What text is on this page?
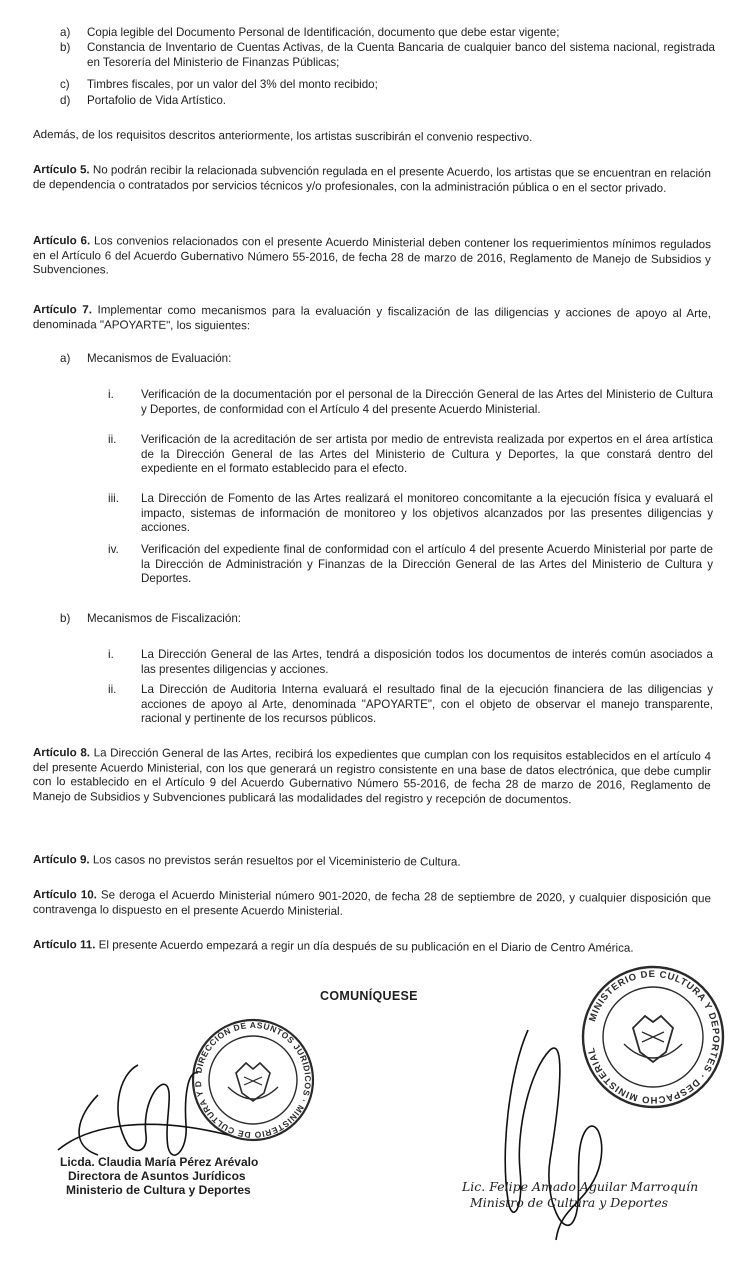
a) Copia legible del Documento Personal de Identificación, documento que debe estar vigente;
b) Constancia de Inventario de Cuentas Activas, de la Cuenta Bancaria de cualquier banco del sistema nacional, registrada en Tesorería del Ministerio de Finanzas Públicas;
c) Timbres fiscales, por un valor del 3% del monto recibido;
d) Portafolio de Vida Artístico.

Además, de los requisitos descritos anteriormente, los artistas suscribirán el convenio respectivo.

Artículo 5. No podrán recibir la relacionada subvención regulada en el presente Acuerdo, los artistas que se encuentran en relación de dependencia o contratados por servicios técnicos y/o profesionales, con la administración pública o en el sector privado.

Artículo 6. Los convenios relacionados con el presente Acuerdo Ministerial deben contener los requerimientos mínimos regulados en el Artículo 6 del Acuerdo Gubernativo Número 55-2016, de fecha 28 de marzo de 2016, Reglamento de Manejo de Subsidios y Subvenciones.

Artículo 7. Implementar como mecanismos para la evaluación y fiscalización de las diligencias y acciones de apoyo al Arte, denominada "APOYARTE", los siguientes:

a) Mecanismos de Evaluación:
i. Verificación de la documentación por el personal de la Dirección General de las Artes del Ministerio de Cultura y Deportes, de conformidad con el Artículo 4 del presente Acuerdo Ministerial.
ii. Verificación de la acreditación de ser artista por medio de entrevista realizada por expertos en el área artística de la Dirección General de las Artes del Ministerio de Cultura y Deportes, la que constará dentro del expediente en el formato establecido para el efecto.
iii. La Dirección de Fomento de las Artes realizará el monitoreo concomitante a la ejecución física y evaluará el impacto, sistemas de información de monitoreo y los objetivos alcanzados por las presentes diligencias y acciones.
iv. Verificación del expediente final de conformidad con el artículo 4 del presente Acuerdo Ministerial por parte de la Dirección de Administración y Finanzas de la Dirección General de las Artes del Ministerio de Cultura y Deportes.
b) Mecanismos de Fiscalización:
i. La Dirección General de las Artes, tendrá a disposición todos los documentos de interés común asociados a las presentes diligencias y acciones.
ii. La Dirección de Auditoria Interna evaluará el resultado final de la ejecución financiera de las diligencias y acciones de apoyo al Arte, denominada "APOYARTE", con el objeto de observar el manejo transparente, racional y pertinente de los recursos públicos.

Artículo 8. La Dirección General de las Artes, recibirá los expedientes que cumplan con los requisitos establecidos en el artículo 4 del presente Acuerdo Ministerial, con los que generará un registro consistente en una base de datos electrónica, que debe cumplir con lo establecido en el Artículo 9 del Acuerdo Gubernativo Número 55-2016, de fecha 28 de marzo de 2016, Reglamento de Manejo de Subsidios y Subvenciones publicará las modalidades del registro y recepción de documentos.

Artículo 9. Los casos no previstos serán resueltos por el Viceministerio de Cultura.

Artículo 10. Se deroga el Acuerdo Ministerial número 901-2020, de fecha 28 de septiembre de 2020, y cualquier disposición que contravenga lo dispuesto en el presente Acuerdo Ministerial.

Artículo 11. El presente Acuerdo empezará a regir un día después de su publicación en el Diario de Centro América.

COMUNÍQUESE
DIRECCIÓN DE ASUNTOS JURÍDICOS · MINISTERIO DE CULTURA Y DEPORTES
Licda. Claudia María Pérez Arévalo
Directora de Asuntos Jurídicos
Ministerio de Cultura y Deportes
MINISTERIO DE CULTURA Y DEPORTES · DESPACHO MINISTERIAL
Lic. Felipe Amado Aguilar Marroquín
Ministro de Cultura y Deportes
